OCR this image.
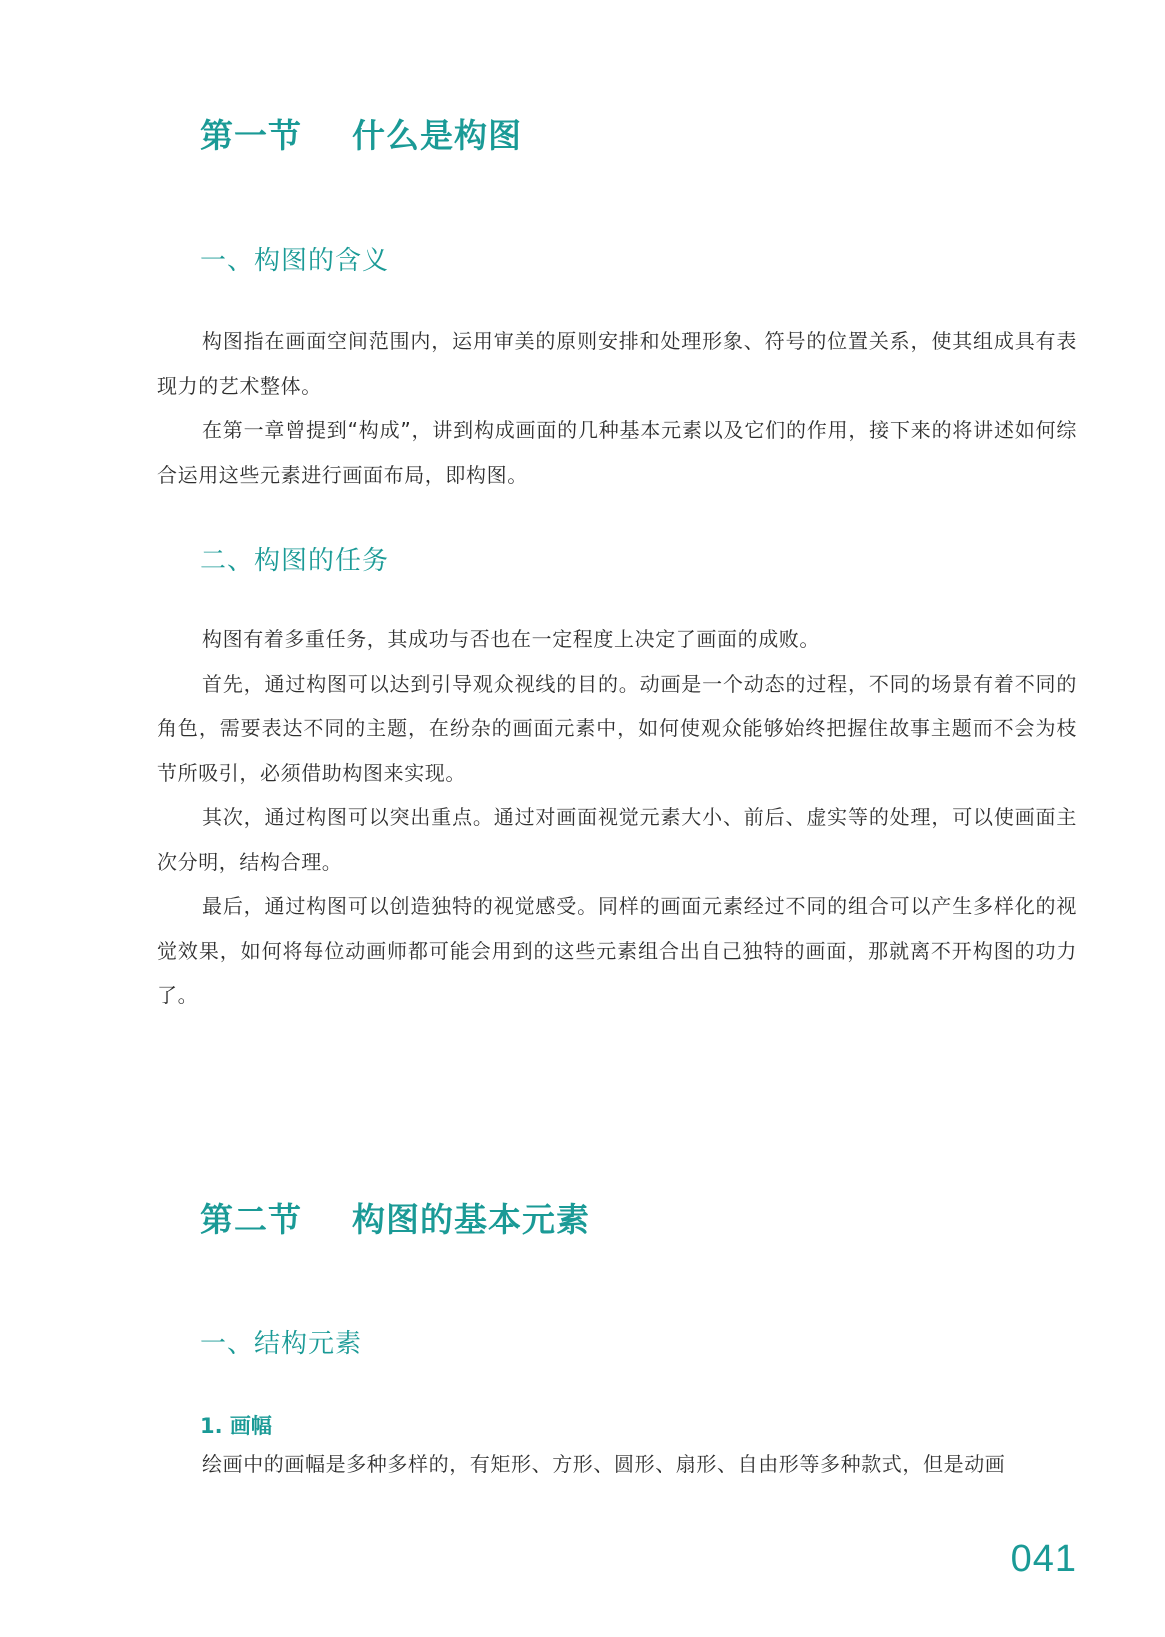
第一节    什么是构图
一、构图的含义

构图指在画面空间范围内，运用审美的原则安排和处理形象、符号的位置关系，使其组成具有表现力的艺术整体。

在第一章曾提到“构成”，讲到构成画面的几种基本元素以及它们的作用，接下来的将讲述如何综合运用这些元素进行画面布局，即构图。

二、构图的任务

构图有着多重任务，其成功与否也在一定程度上决定了画面的成败。

首先，通过构图可以达到引导观众视线的目的。动画是一个动态的过程，不同的场景有着不同的角色，需要表达不同的主题，在纷杂的画面元素中，如何使观众能够始终把握住故事主题而不会为枝节所吸引，必须借助构图来实现。

其次，通过构图可以突出重点。通过对画面视觉元素大小、前后、虚实等的处理，可以使画面主次分明，结构合理。

最后，通过构图可以创造独特的视觉感受。同样的画面元素经过不同的组合可以产生多样化的视觉效果，如何将每位动画师都可能会用到的这些元素组合出自己独特的画面，那就离不开构图的功力了。

第二节    构图的基本元素
一、结构元素
1. 画幅

绘画中的画幅是多种多样的，有矩形、方形、圆形、扇形、自由形等多种款式，但是动画

041
